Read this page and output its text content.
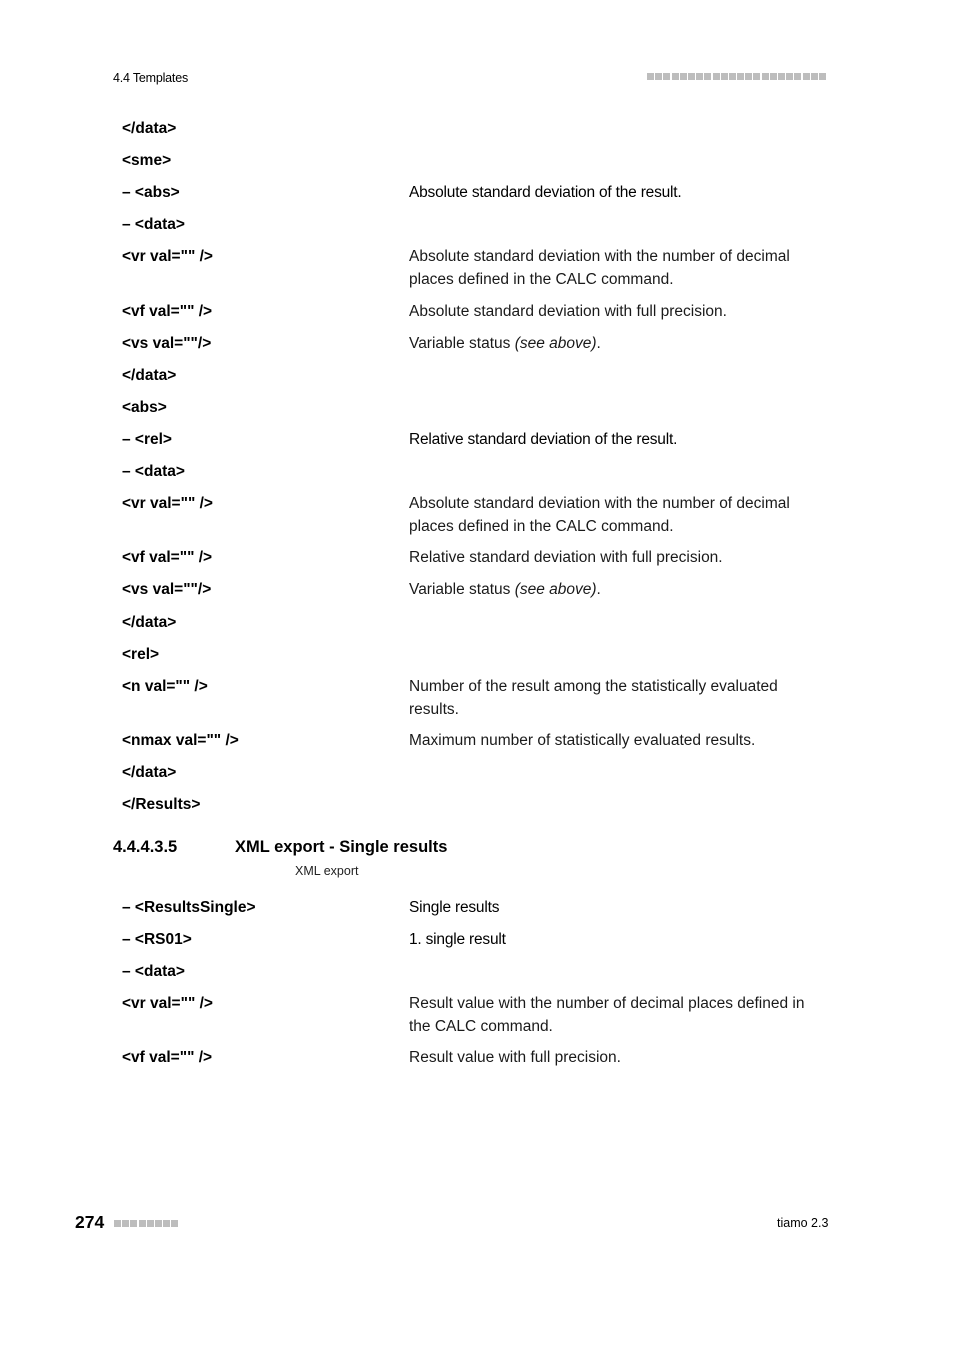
4.4 Templates
</data>
<sme>
– <abs>	Absolute standard deviation of the result.
– <data>
<vr val="" />	Absolute standard deviation with the number of decimal places defined in the CALC command.
<vf val="" />	Absolute standard deviation with full precision.
<vs val=""/>	Variable status (see above).
</data>
<abs>
– <rel>	Relative standard deviation of the result.
– <data>
<vr val="" />	Absolute standard deviation with the number of decimal places defined in the CALC command.
<vf val="" />	Relative standard deviation with full precision.
<vs val=""/>	Variable status (see above).
</data>
<rel>
<n val="" />	Number of the result among the statistically evaluated results.
<nmax val="" />	Maximum number of statistically evaluated results.
</data>
</Results>
4.4.4.3.5	XML export - Single results
XML export
– <ResultsSingle>	Single results
– <RS01>	1. single result
– <data>
<vr val="" />	Result value with the number of decimal places defined in the CALC command.
<vf val="" />	Result value with full precision.
274	tiamo 2.3
